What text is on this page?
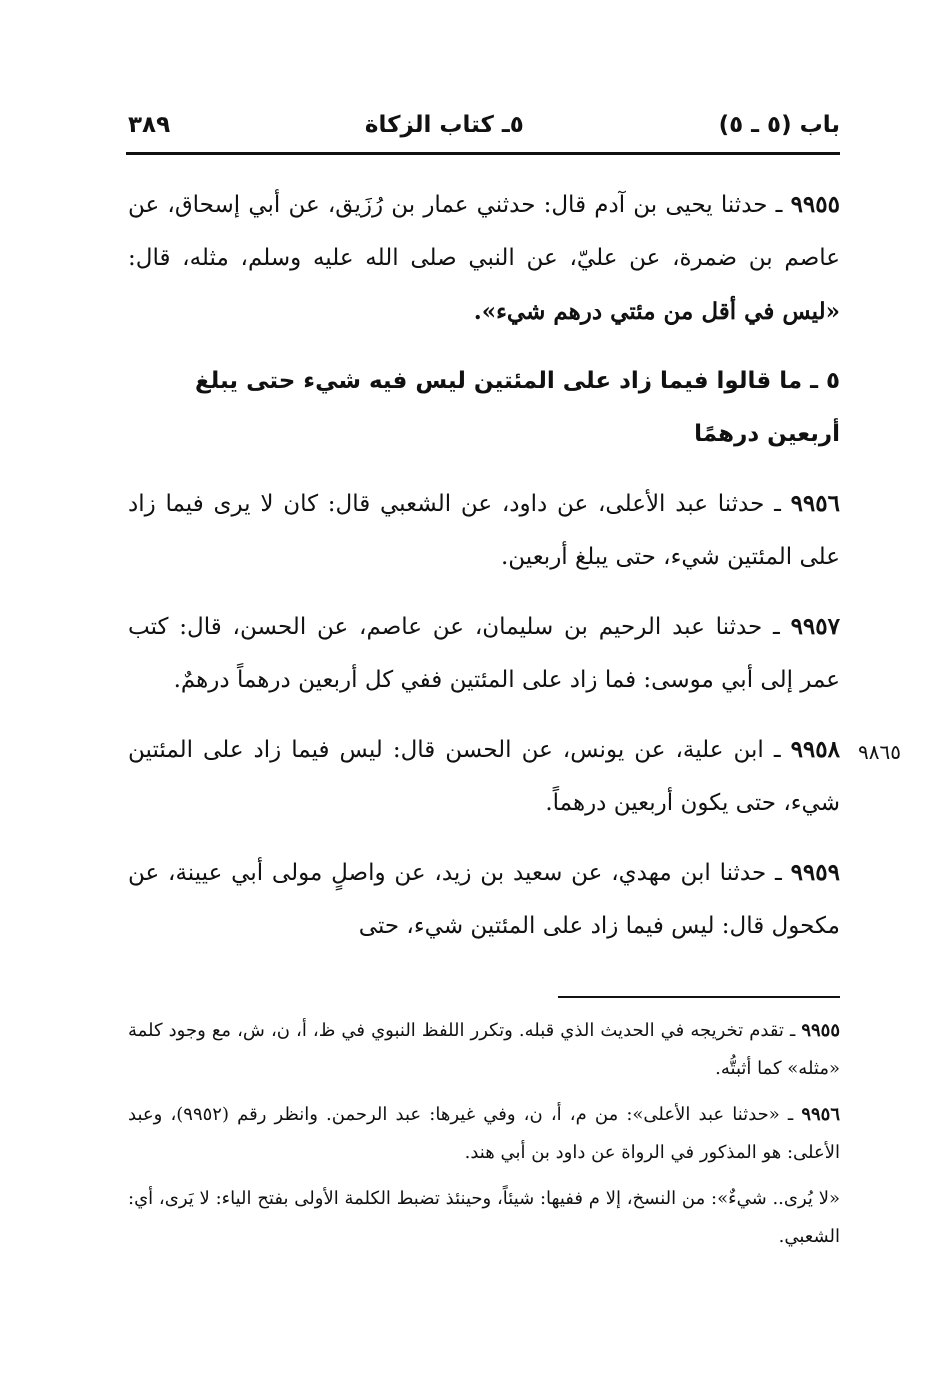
٣٨٩	٥ـ كتاب الزكاة	باب (٥ ـ ٥)

٩٩٥٥ ـ حدثنا يحيى بن آدم قال: حدثني عمار بن رُزَيق، عن أبي إسحاق، عن عاصم بن ضمرة، عن عليّ، عن النبي صلى الله عليه وسلم، مثله، قال: «ليس في أقل من مئتي درهم شيء».

٥ ـ ما قالوا فيما زاد على المئتين ليس فيه شيء حتى يبلغ أربعين درهمًا

٩٩٥٦ ـ حدثنا عبد الأعلى، عن داود، عن الشعبي قال: كان لا يرى فيما زاد على المئتين شيء، حتى يبلغ أربعين.

٩٩٥٧ ـ حدثنا عبد الرحيم بن سليمان، عن عاصم، عن الحسن، قال: كتب عمر إلى أبي موسى: فما زاد على المئتين ففي كل أربعين درهماً درهمٌ.

٩٩٥٨ ـ ابن علية، عن يونس، عن الحسن قال: ليس فيما زاد على المئتين شيء، حتى يكون أربعين درهماً.

٩٩٥٩ ـ حدثنا ابن مهدي، عن سعيد بن زيد، عن واصلٍ مولى أبي عيينة، عن مكحول قال: ليس فيما زاد على المئتين شيء، حتى

٩٨٦٥

٩٩٥٥ ـ تقدم تخريجه في الحديث الذي قبله. وتكرر اللفظ النبوي في ظ، أ، ن، ش، مع وجود كلمة «مثله» كما أثبتُّه.

٩٩٥٦ ـ «حدثنا عبد الأعلى»: من م، أ، ن، وفي غيرها: عبد الرحمن. وانظر رقم (٩٩٥٢)، وعبد الأعلى: هو المذكور في الرواة عن داود بن أبي هند.

«لا يُرى.. شيءٌ»: من النسخ، إلا م ففيها: شيئاً، وحينئذ تضبط الكلمة الأولى بفتح الياء: لا يَرى، أي: الشعبي.
